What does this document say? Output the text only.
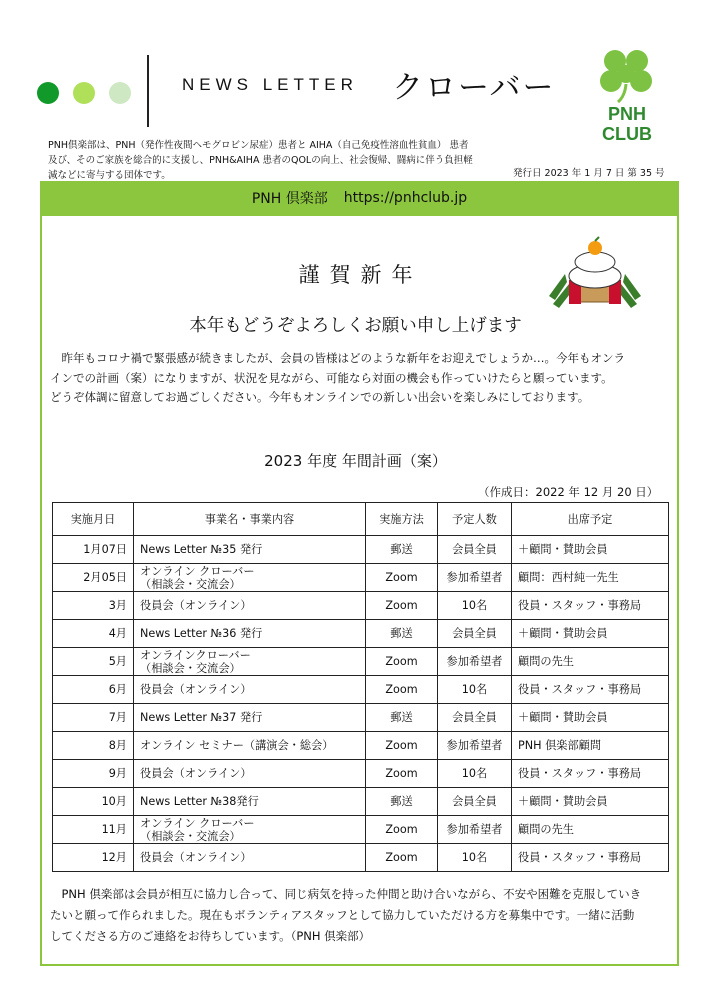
NEWS LETTER クローバー
PNH
CLUB
PNH倶楽部は、PNH（発作性夜間ヘモグロビン尿症）患者と AIHA（自己免疫性溶血性貧血） 患者
及び、そのご家族を総合的に支援し、PNH&AIHA 患者のQOLの向上、社会復帰、闘病に伴う負担軽
減などに寄与する団体です。	発行日 2023 年 1 月 7 日 第 35 号
PNH 倶楽部 https://pnhclub.jp
謹賀新年
本年もどうぞよろしくお願い申し上げます

　昨年もコロナ禍で緊張感が続きましたが、会員の皆様はどのような新年をお迎えでしょうか…。今年もオンラ

インでの計画（案）になりますが、状況を見ながら、可能なら対面の機会も作っていけたらと願っています。

どうぞ体調に留意してお過ごしください。今年もオンラインでの新しい出会いを楽しみにしております。

2023 年度 年間計画（案）
（作成日：2022 年 12 月 20 日）
実施月日	事業名・事業内容	実施方法	予定人数	出席予定
1月07日	News Letter №35 発行	郵送	会員全員	＋顧問・賛助会員
2月05日	オンライン クローバー
（相談会・交流会）	Zoom	参加希望者	顧問：西村純一先生
3月	役員会（オンライン）	Zoom	10名	役員・スタッフ・事務局
4月	News Letter №36 発行	郵送	会員全員	＋顧問・賛助会員
5月	オンラインクローバー
（相談会・交流会）	Zoom	参加希望者	顧問の先生
6月	役員会（オンライン）	Zoom	10名	役員・スタッフ・事務局
7月	News Letter №37 発行	郵送	会員全員	＋顧問・賛助会員
8月	オンライン セミナー（講演会・総会）	Zoom	参加希望者	PNH 倶楽部顧問
9月	役員会（オンライン）	Zoom	10名	役員・スタッフ・事務局
10月	News Letter №38発行	郵送	会員全員	＋顧問・賛助会員
11月	オンライン クローバー
（相談会・交流会）	Zoom	参加希望者	顧問の先生
12月	役員会（オンライン）	Zoom	10名	役員・スタッフ・事務局

　PNH 倶楽部は会員が相互に協力し合って、同じ病気を持った仲間と助け合いながら、不安や困難を克服していき

たいと願って作られました。現在もボランティアスタッフとして協力していただける方を募集中です。一緒に活動

してくださる方のご連絡をお待ちしています。（PNH 倶楽部）
